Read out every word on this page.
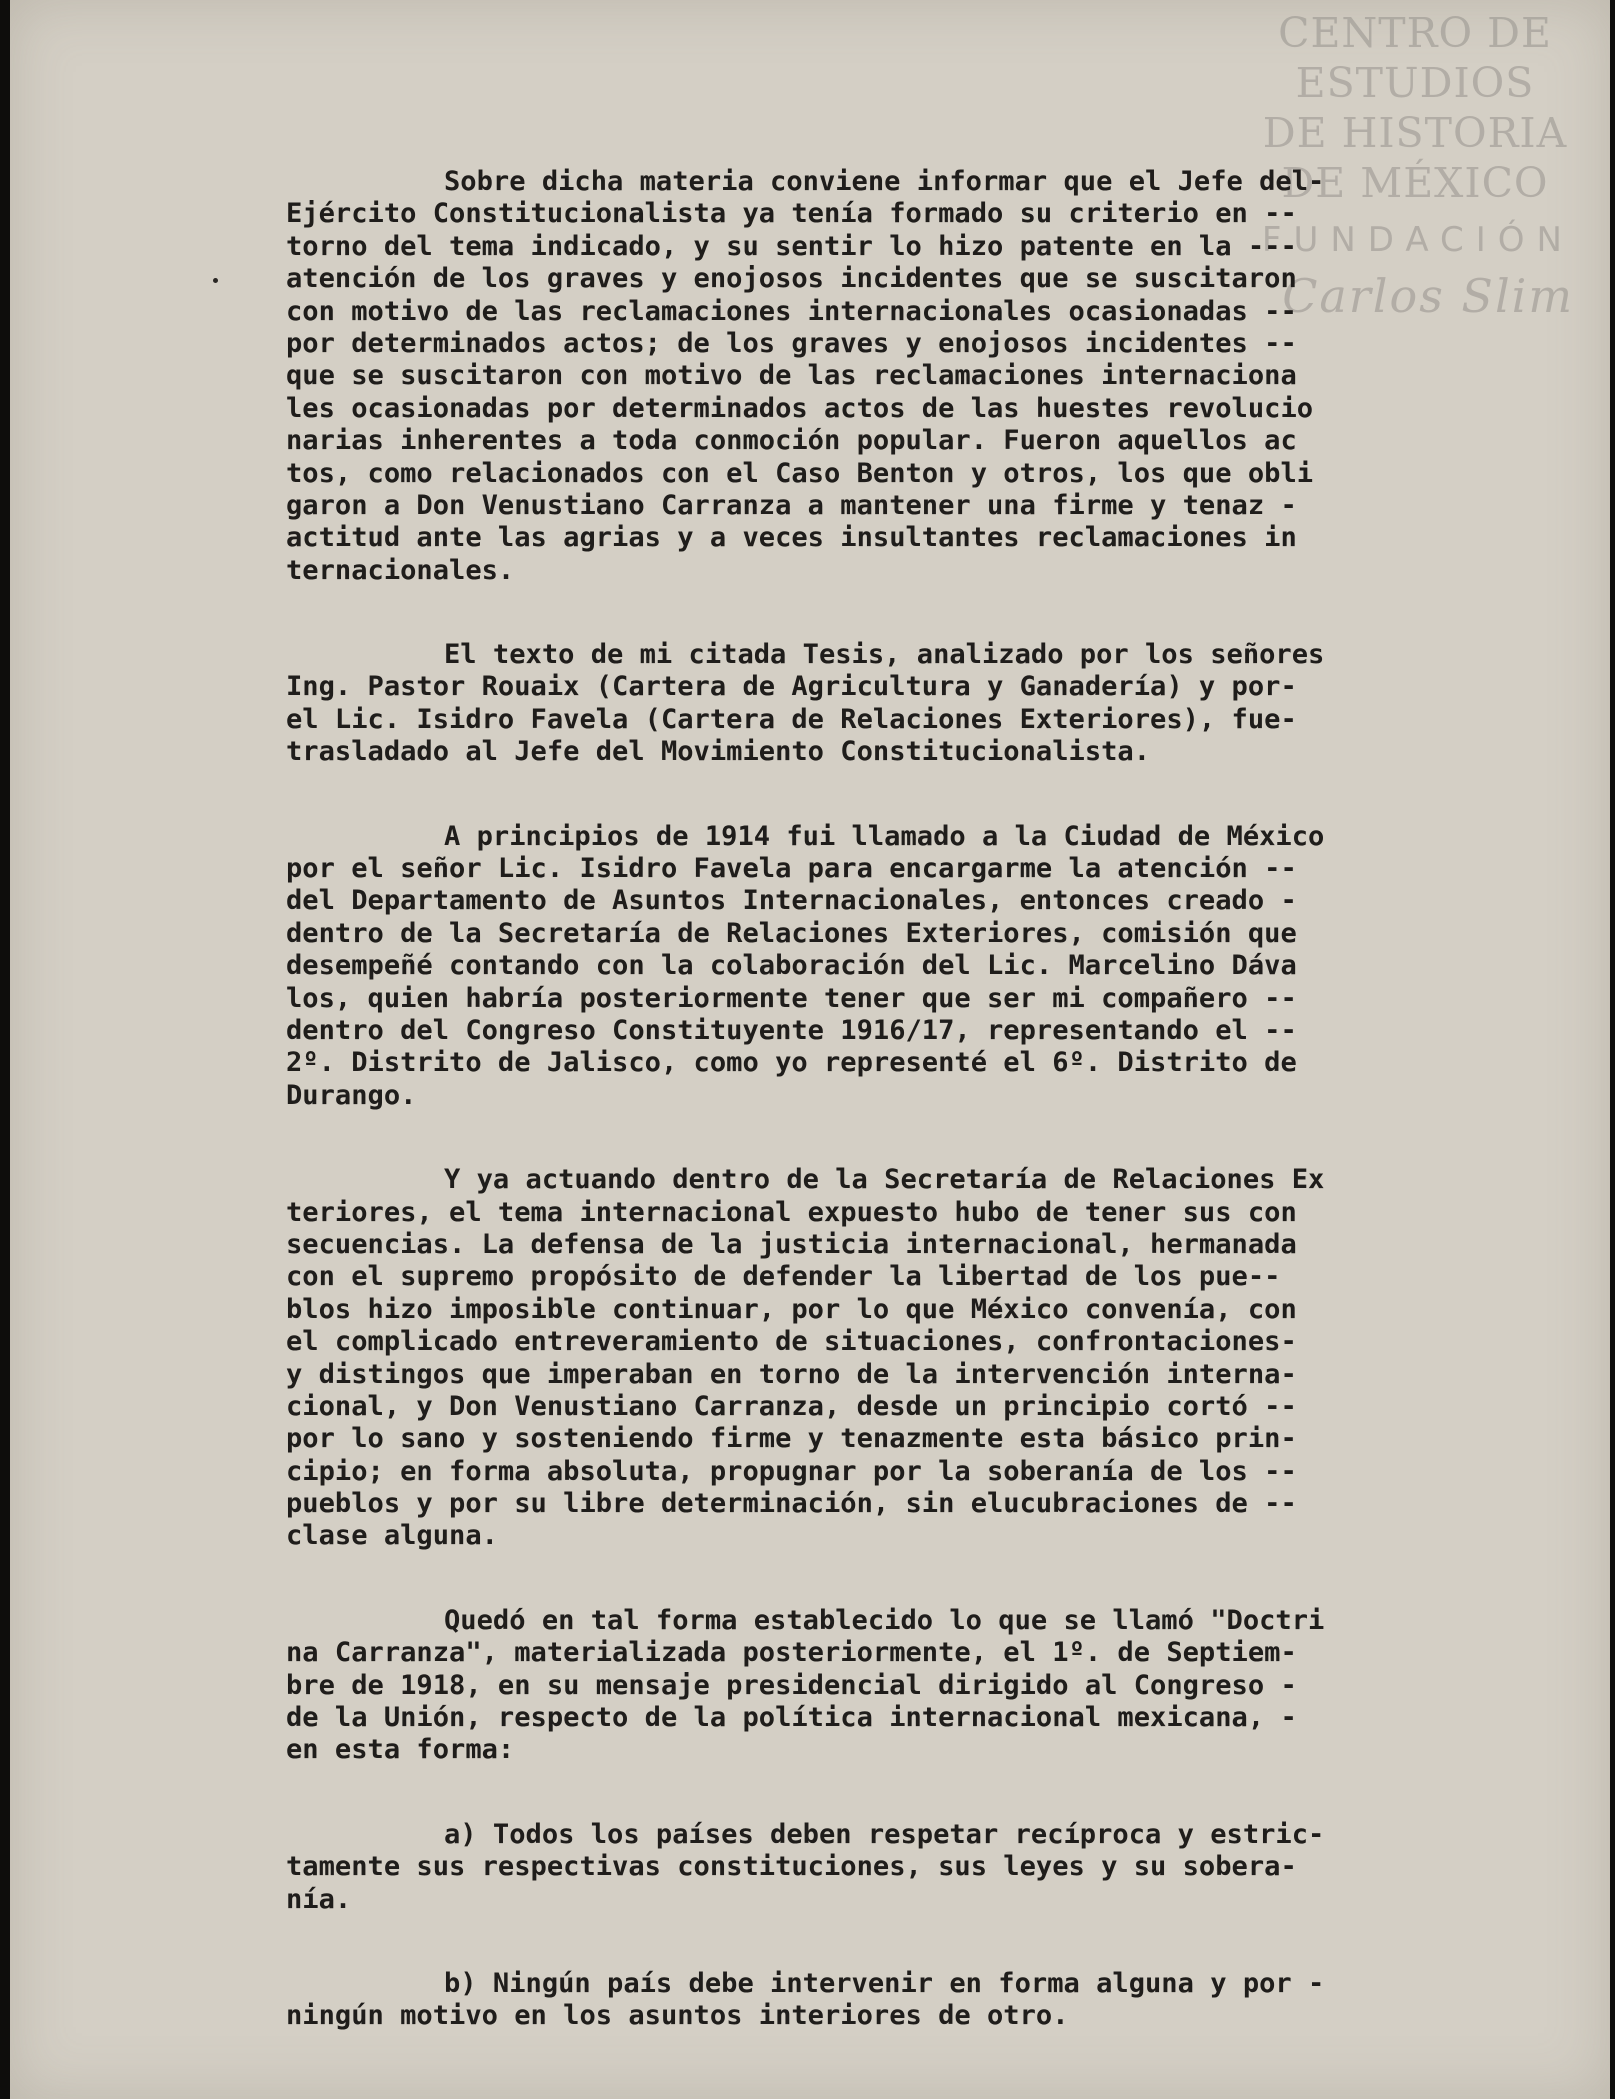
CENTRO DE
ESTUDIOS
DE HISTORIA
DE MÉXICO
FUNDACIÓN
Carlos Slim
Sobre dicha materia conviene informar que el Jefe del-
Ejército Constitucionalista ya tenía formado su criterio en --
torno del tema indicado, y su sentir lo hizo patente en la ---
atención de los graves y enojosos incidentes que se suscitaron
con motivo de las reclamaciones internacionales ocasionadas --
por determinados actos; de los graves y enojosos incidentes --
que se suscitaron con motivo de las reclamaciones internaciona
les ocasionadas por determinados actos de las huestes revolucio
narias inherentes a toda conmoción popular. Fueron aquellos ac
tos, como relacionados con el Caso Benton y otros, los que obli
garon a Don Venustiano Carranza a mantener una firme y tenaz -
actitud ante las agrias y a veces insultantes reclamaciones in
ternacionales.
El texto de mi citada Tesis, analizado por los señores
Ing. Pastor Rouaix (Cartera de Agricultura y Ganadería) y por-
el Lic. Isidro Favela (Cartera de Relaciones Exteriores), fue-
trasladado al Jefe del Movimiento Constitucionalista.
A principios de 1914 fui llamado a la Ciudad de México
por el señor Lic. Isidro Favela para encargarme la atención --
del Departamento de Asuntos Internacionales, entonces creado -
dentro de la Secretaría de Relaciones Exteriores, comisión que
desempeñé contando con la colaboración del Lic. Marcelino Dáva
los, quien habría posteriormente tener que ser mi compañero --
dentro del Congreso Constituyente 1916/17, representando el --
2º. Distrito de Jalisco, como yo representé el 6º. Distrito de
Durango.
Y ya actuando dentro de la Secretaría de Relaciones Ex
teriores, el tema internacional expuesto hubo de tener sus con
secuencias. La defensa de la justicia internacional, hermanada
con el supremo propósito de defender la libertad de los pue--
blos hizo imposible continuar, por lo que México convenía, con
el complicado entreveramiento de situaciones, confrontaciones-
y distingos que imperaban en torno de la intervención interna-
cional, y Don Venustiano Carranza, desde un principio cortó --
por lo sano y sosteniendo firme y tenazmente esta básico prin-
cipio; en forma absoluta, propugnar por la soberanía de los --
pueblos y por su libre determinación, sin elucubraciones de --
clase alguna.
Quedó en tal forma establecido lo que se llamó "Doctri
na Carranza", materializada posteriormente, el 1º. de Septiem-
bre de 1918, en su mensaje presidencial dirigido al Congreso -
de la Unión, respecto de la política internacional mexicana, -
en esta forma:
a) Todos los países deben respetar recíproca y estric-
tamente sus respectivas constituciones, sus leyes y su sobera-
nía.
b) Ningún país debe intervenir en forma alguna y por -
ningún motivo en los asuntos interiores de otro.
